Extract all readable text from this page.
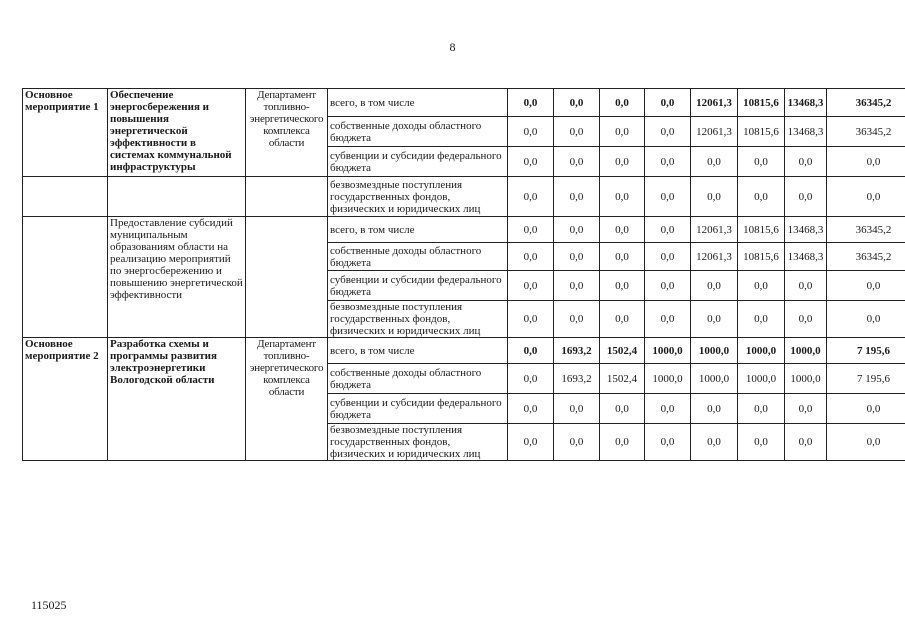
8
Основное мероприятие 1	Обеспечение энергосбережения и повышения энергетической эффективности в системах коммунальной инфраструктуры	Департамент топливно-энергетического комплекса области	всего, в том числе	0,0	0,0	0,0	0,0	12061,3	10815,6	13468,3	36345,2
			собственные доходы областного бюджета	0,0	0,0	0,0	0,0	12061,3	10815,6	13468,3	36345,2
			субвенции и субсидии федерального бюджета	0,0	0,0	0,0	0,0	0,0	0,0	0,0	0,0
			безвозмездные поступления государственных фондов, физических и юридических лиц	0,0	0,0	0,0	0,0	0,0	0,0	0,0	0,0
	Предоставление субсидий муниципальным образованиям области на реализацию мероприятий по энергосбережению и повышению энергетической эффективности		всего, в том числе	0,0	0,0	0,0	0,0	12061,3	10815,6	13468,3	36345,2
			собственные доходы областного бюджета	0,0	0,0	0,0	0,0	12061,3	10815,6	13468,3	36345,2
			субвенции и субсидии федерального бюджета	0,0	0,0	0,0	0,0	0,0	0,0	0,0	0,0
			безвозмездные поступления государственных фондов, физических и юридических лиц	0,0	0,0	0,0	0,0	0,0	0,0	0,0	0,0
Основное мероприятие 2	Разработка схемы и программы развития электроэнергетики Вологодской области	Департамент топливно-энергетического комплекса области	всего, в том числе	0,0	1693,2	1502,4	1000,0	1000,0	1000,0	1000,0	7 195,6
			собственные доходы областного бюджета	0,0	1693,2	1502,4	1000,0	1000,0	1000,0	1000,0	7 195,6
			субвенции и субсидии федерального бюджета	0,0	0,0	0,0	0,0	0,0	0,0	0,0	0,0
			безвозмездные поступления государственных фондов, физических и юридических лиц	0,0	0,0	0,0	0,0	0,0	0,0	0,0	0,0
115025
